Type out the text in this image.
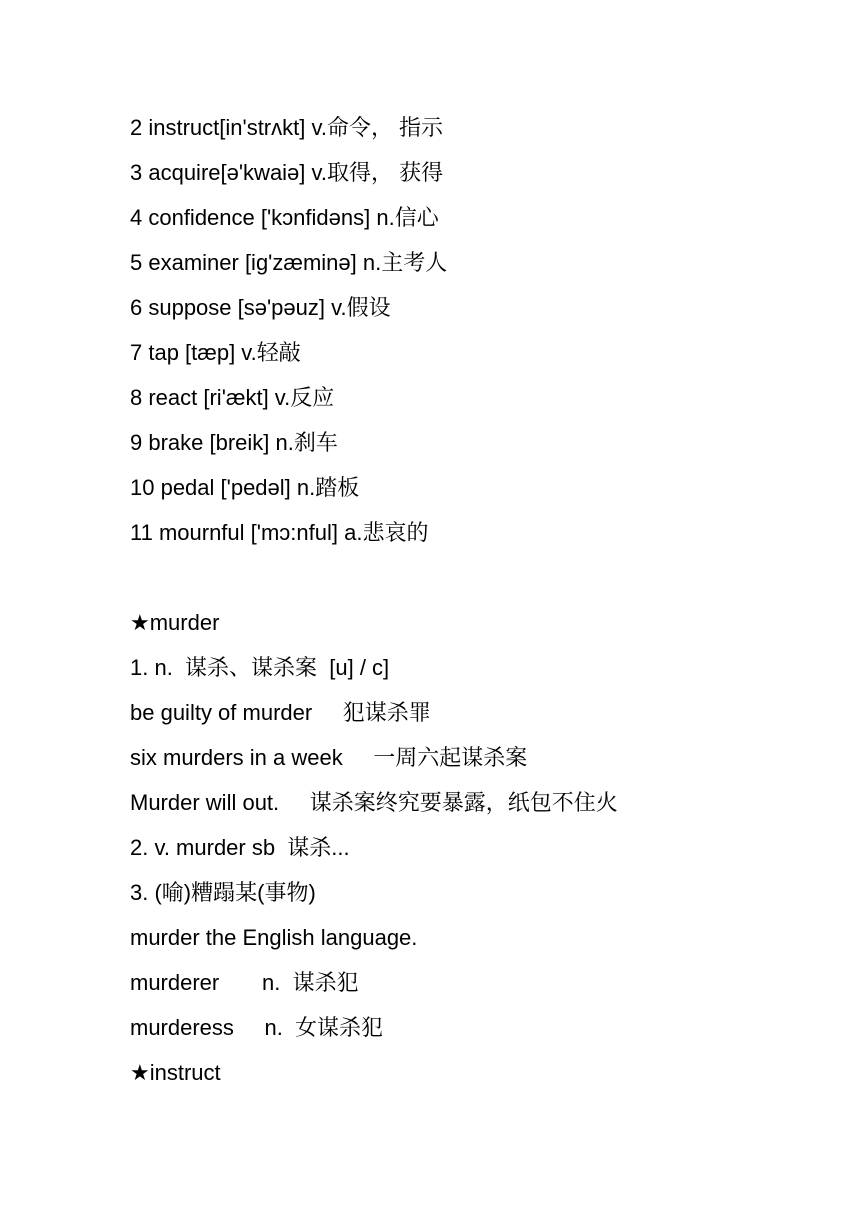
2 instruct[in'strʌkt] v.命令， 指示
3 acquire[ə'kwaiə] v.取得， 获得
4 confidence ['kɔnfidəns] n.信心
5 examiner [ig'zæminə] n.主考人
6 suppose [sə'pəuz] v.假设
7 tap [tæp] v.轻敲
8 react [ri'ækt] v.反应
9 brake [breik] n.刹车
10 pedal ['pedəl] n.踏板
11 mournful ['mɔ:nful] a.悲哀的
★murder
1. n.  谋杀、谋杀案  [u] / c]
be guilty of murder     犯谋杀罪
six murders in a week     一周六起谋杀案
Murder will out.     谋杀案终究要暴露，纸包不住火
2. v. murder sb  谋杀...
3. (喻)糟蹋某(事物)
murder the English language.
murderer       n.  谋杀犯
murderess     n.  女谋杀犯
★instruct
